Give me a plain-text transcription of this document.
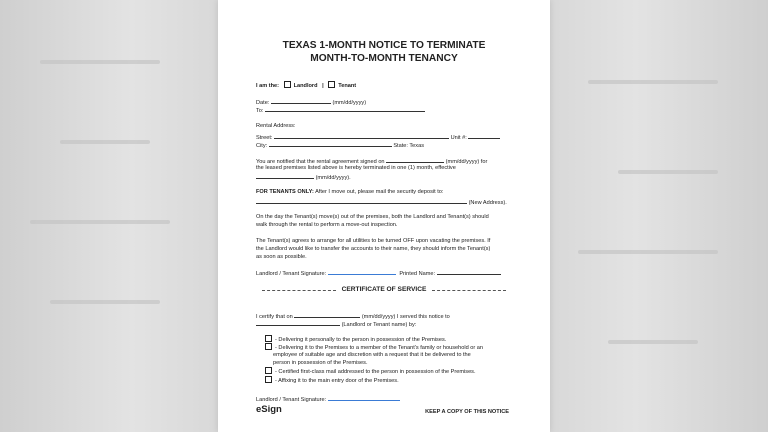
TEXAS 1-MONTH NOTICE TO TERMINATE
MONTH-TO-MONTH TENANCY
I am the:	Landlord |	Tenant
Date:	(mm/dd/yyyy)
To:
Rental Address:
Street:	Unit #:
City:	State: Texas
You are notified that the rental agreement signed on	(mm/dd/yyyy) for
the leased premises listed above is hereby terminated in one (1) month, effective
(mm/dd/yyyy).
FOR TENANTS ONLY: After I move out, please mail the security deposit to:
(New Address).
On the day the Tenant(s) move(s) out of the premises, both the Landlord and Tenant(s) should
walk through the rental to perform a move-out inspection.
The Tenant(s) agrees to arrange for all utilities to be turned OFF upon vacating the premises. If
the Landlord would like to transfer the accounts to their name, they should inform the Tenant(s)
as soon as possible.
Landlord / Tenant Signature:	Printed Name:
CERTIFICATE OF SERVICE
I certify that on	(mm/dd/yyyy) I served this notice to
(Landlord or Tenant name) by:
- Delivering it personally to the person in possession of the Premises.
- Delivering it to the Premises to a member of the Tenant's family or household or an
employee of suitable age and discretion with a request that it be delivered to the
person in possession of the Premises.
- Certified first-class mail addressed to the person in possession of the Premises.
- Affixing it to the main entry door of the Premises.
Landlord / Tenant Signature:
eSign	KEEP A COPY OF THIS NOTICE
